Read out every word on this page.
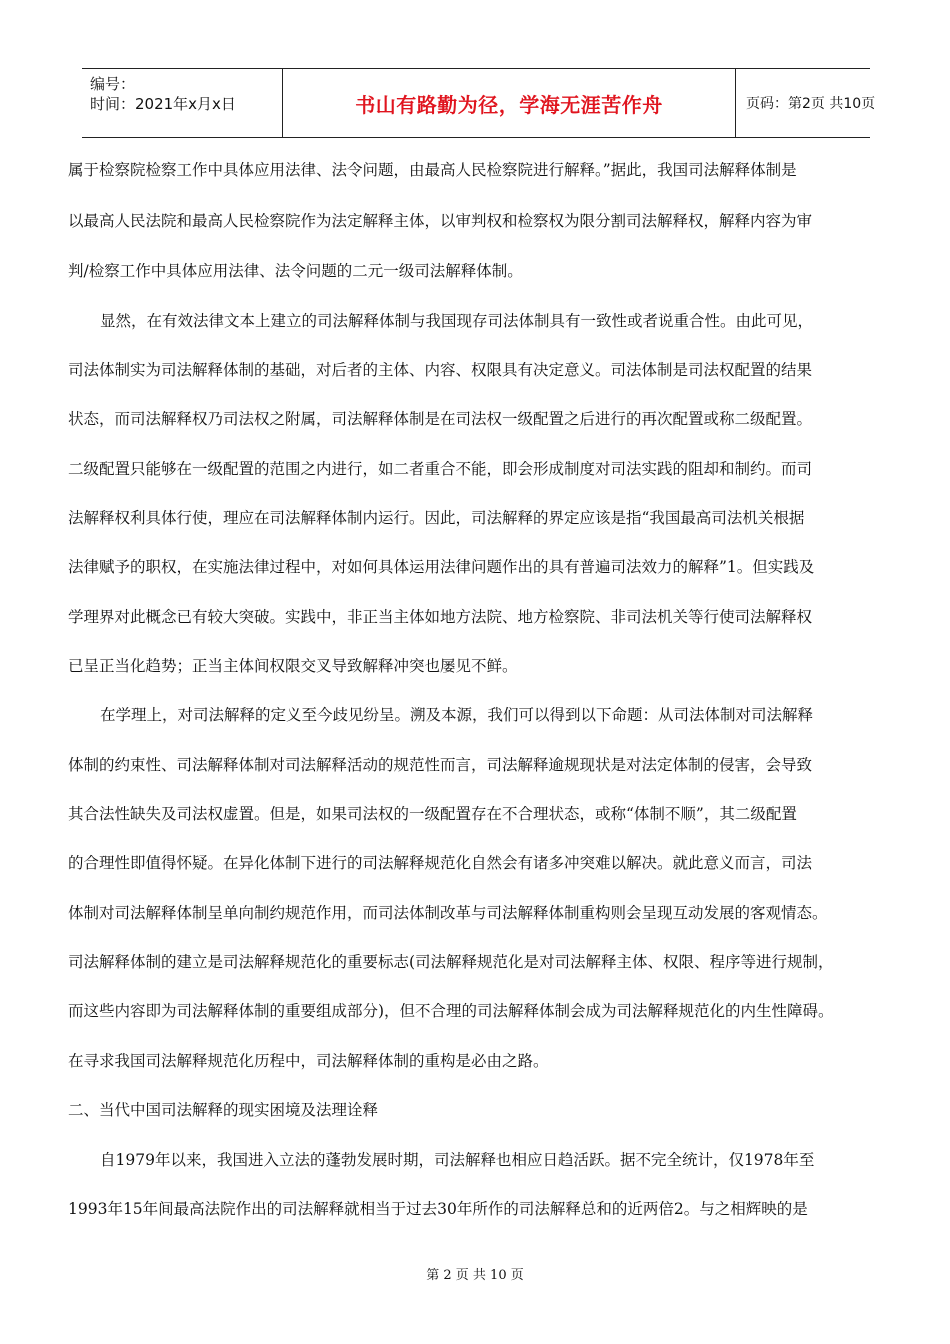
编号：
时间：2021年x月x日	书山有路勤为径，学海无涯苦作舟	页码：第2页 共10页
属于检察院检察工作中具体应用法律、法令问题，由最高人民检察院进行解释。”据此，我国司法解释体制是
以最高人民法院和最高人民检察院作为法定解释主体，以审判权和检察权为限分割司法解释权，解释内容为审
判/检察工作中具体应用法律、法令问题的二元一级司法解释体制。
显然，在有效法律文本上建立的司法解释体制与我国现存司法体制具有一致性或者说重合性。由此可见，
司法体制实为司法解释体制的基础，对后者的主体、内容、权限具有决定意义。司法体制是司法权配置的结果
状态，而司法解释权乃司法权之附属，司法解释体制是在司法权一级配置之后进行的再次配置或称二级配置。
二级配置只能够在一级配置的范围之内进行，如二者重合不能，即会形成制度对司法实践的阻却和制约。而司
法解释权利具体行使，理应在司法解释体制内运行。因此，司法解释的界定应该是指“我国最高司法机关根据
法律赋予的职权，在实施法律过程中，对如何具体运用法律问题作出的具有普遍司法效力的解释”1。但实践及
学理界对此概念已有较大突破。实践中，非正当主体如地方法院、地方检察院、非司法机关等行使司法解释权
已呈正当化趋势；正当主体间权限交叉导致解释冲突也屡见不鲜。
在学理上，对司法解释的定义至今歧见纷呈。溯及本源，我们可以得到以下命题：从司法体制对司法解释
体制的约束性、司法解释体制对司法解释活动的规范性而言，司法解释逾规现状是对法定体制的侵害，会导致
其合法性缺失及司法权虚置。但是，如果司法权的一级配置存在不合理状态，或称“体制不顺”，其二级配置
的合理性即值得怀疑。在异化体制下进行的司法解释规范化自然会有诸多冲突难以解决。就此意义而言，司法
体制对司法解释体制呈单向制约规范作用，而司法体制改革与司法解释体制重构则会呈现互动发展的客观情态。
司法解释体制的建立是司法解释规范化的重要标志(司法解释规范化是对司法解释主体、权限、程序等进行规制，
而这些内容即为司法解释体制的重要组成部分)，但不合理的司法解释体制会成为司法解释规范化的内生性障碍。
在寻求我国司法解释规范化历程中，司法解释体制的重构是必由之路。
二、当代中国司法解释的现实困境及法理诠释
自1979年以来，我国进入立法的蓬勃发展时期，司法解释也相应日趋活跃。据不完全统计，仅1978年至
1993年15年间最高法院作出的司法解释就相当于过去30年所作的司法解释总和的近两倍2。与之相辉映的是
第 2 页 共 10 页
